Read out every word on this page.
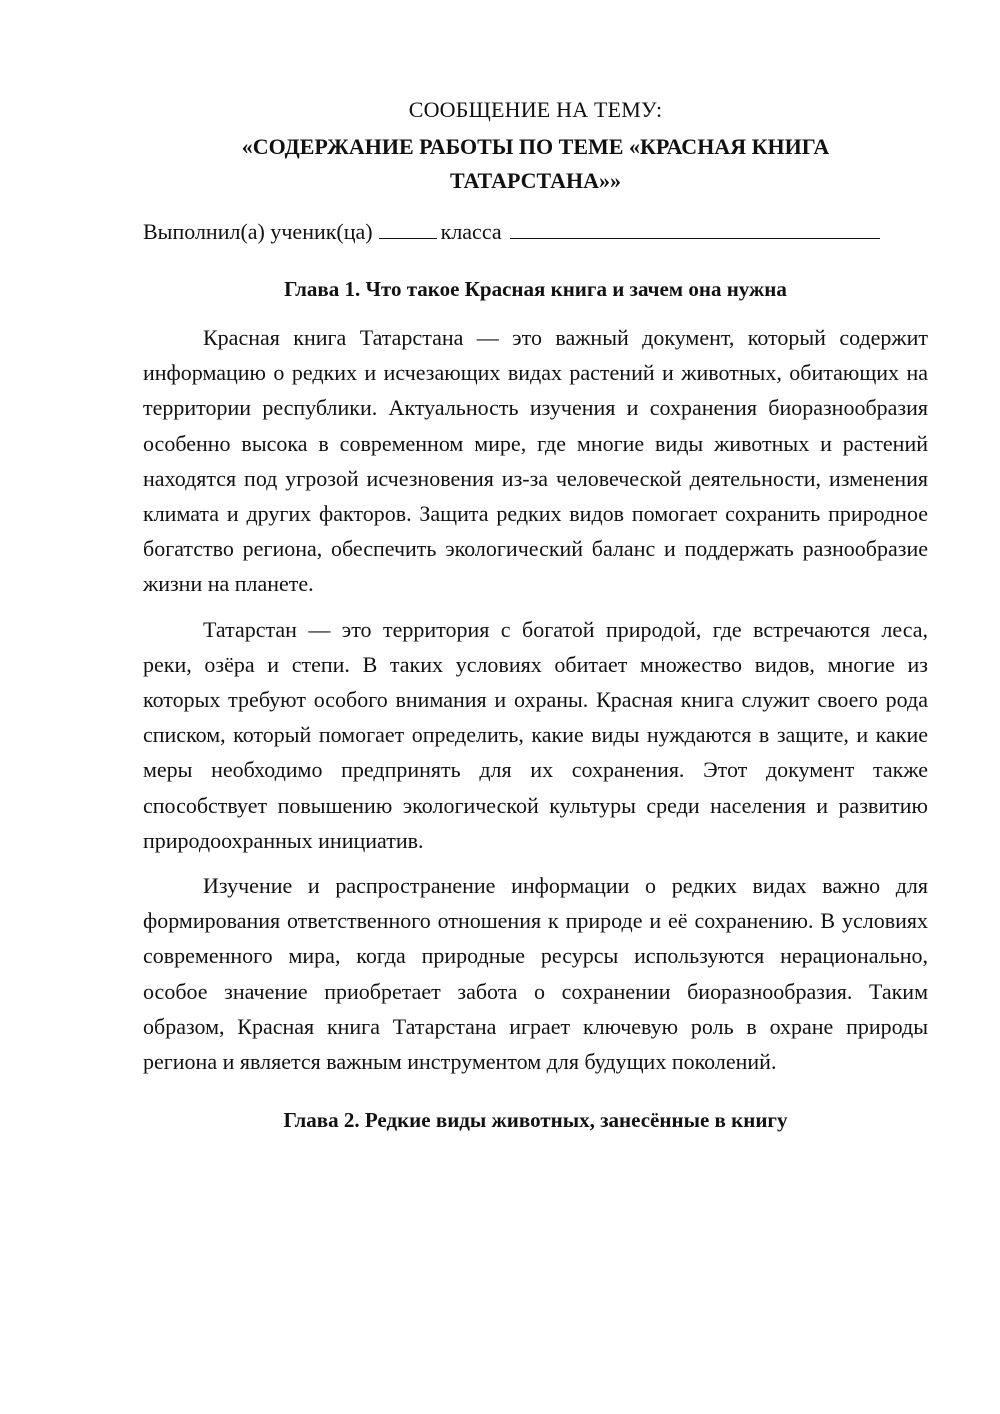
СООБЩЕНИЕ НА ТЕМУ:
«СОДЕРЖАНИЕ РАБОТЫ ПО ТЕМЕ «КРАСНАЯ КНИГА ТАТАРСТАНА»»
Выполнил(а) ученик(ца)	класса
Глава 1. Что такое Красная книга и зачем она нужна

Красная книга Татарстана — это важный документ, который содержит информацию о редких и исчезающих видах растений и животных, обитающих на территории республики. Актуальность изучения и сохранения биоразнообразия особенно высока в современном мире, где многие виды животных и растений находятся под угрозой исчезновения из-за человеческой деятельности, изменения климата и других факторов. Защита редких видов помогает сохранить природное богатство региона, обеспечить экологический баланс и поддержать разнообразие жизни на планете.

Татарстан — это территория с богатой природой, где встречаются леса, реки, озёра и степи. В таких условиях обитает множество видов, многие из которых требуют особого внимания и охраны. Красная книга служит своего рода списком, который помогает определить, какие виды нуждаются в защите, и какие меры необходимо предпринять для их сохранения. Этот документ также способствует повышению экологической культуры среди населения и развитию природоохранных инициатив.

Изучение и распространение информации о редких видах важно для формирования ответственного отношения к природе и её сохранению. В условиях современного мира, когда природные ресурсы используются нерационально, особое значение приобретает забота о сохранении биоразнообразия. Таким образом, Красная книга Татарстана играет ключевую роль в охране природы региона и является важным инструментом для будущих поколений.

Глава 2. Редкие виды животных, занесённые в книгу
